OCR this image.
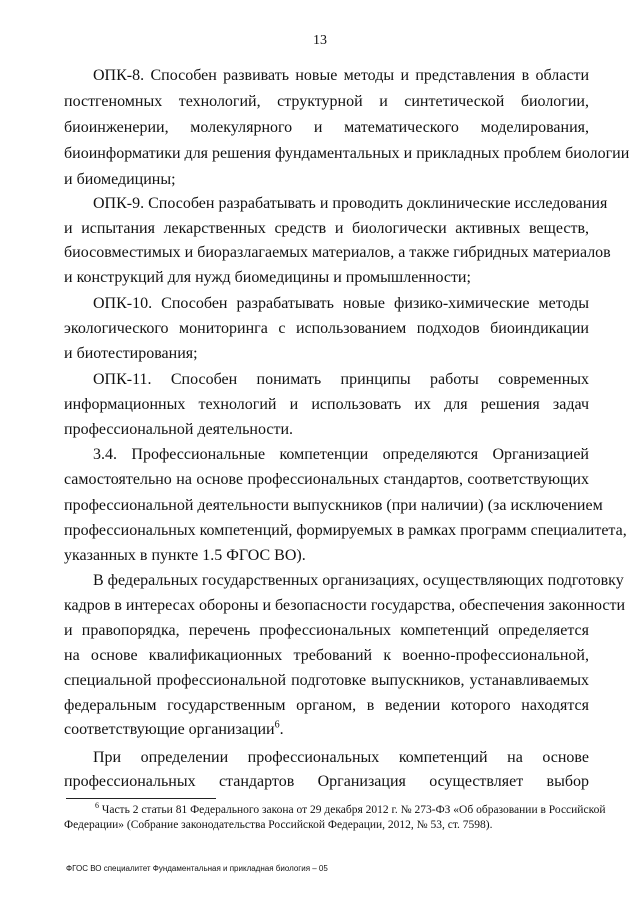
13
ОПК-8. Способен развивать новые методы и представления в области
постгеномных технологий, структурной и синтетической биологии,
биоинженерии, молекулярного и математического моделирования,
биоинформатики для решения фундаментальных и прикладных проблем биологии
и биомедицины;
ОПК-9. Способен разрабатывать и проводить доклинические исследования
и испытания лекарственных средств и биологически активных веществ,
биосовместимых и биоразлагаемых материалов, а также гибридных материалов
и конструкций для нужд биомедицины и промышленности;
ОПК-10. Способен разрабатывать новые физико-химические методы
экологического мониторинга с использованием подходов биоиндикации
и биотестирования;
ОПК-11. Способен понимать принципы работы современных
информационных технологий и использовать их для решения задач
профессиональной деятельности.
3.4. Профессиональные компетенции определяются Организацией
самостоятельно на основе профессиональных стандартов, соответствующих
профессиональной деятельности выпускников (при наличии) (за исключением
профессиональных компетенций, формируемых в рамках программ специалитета,
указанных в пункте 1.5 ФГОС ВО).
В федеральных государственных организациях, осуществляющих подготовку
кадров в интересах обороны и безопасности государства, обеспечения законности
и правопорядка, перечень профессиональных компетенций определяется
на основе квалификационных требований к военно-профессиональной,
специальной профессиональной подготовке выпускников, устанавливаемых
федеральным государственным органом, в ведении которого находятся
соответствующие организации$^6$.
При определении профессиональных компетенций на основе
профессиональных стандартов Организация осуществляет выбор
$^6$ Часть 2 статьи 81 Федерального закона от 29 декабря 2012 г. № 273-ФЗ «Об образовании в Российской
Федерации» (Собрание законодательства Российской Федерации, 2012, № 53, ст. 7598).
ФГОС ВО специалитет Фундаментальная и прикладная биология – 05
